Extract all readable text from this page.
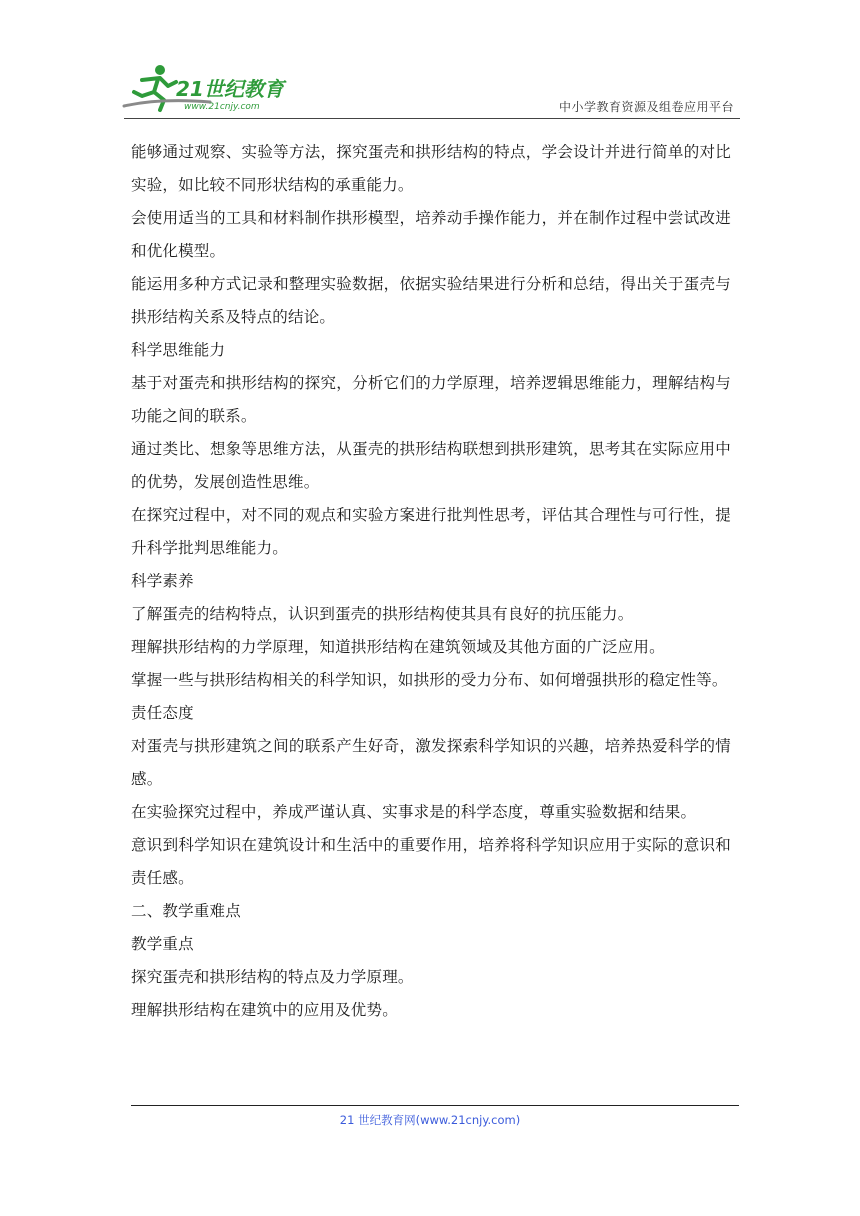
21世纪教育
www.21cnjy.com	中小学教育资源及组卷应用平台

能够通过观察、实验等方法，探究蛋壳和拱形结构的特点，学会设计并进行简单的对比实验，如比较不同形状结构的承重能力。

会使用适当的工具和材料制作拱形模型，培养动手操作能力，并在制作过程中尝试改进和优化模型。

能运用多种方式记录和整理实验数据，依据实验结果进行分析和总结，得出关于蛋壳与拱形结构关系及特点的结论。

科学思维能力

基于对蛋壳和拱形结构的探究，分析它们的力学原理，培养逻辑思维能力，理解结构与功能之间的联系。

通过类比、想象等思维方法，从蛋壳的拱形结构联想到拱形建筑，思考其在实际应用中的优势，发展创造性思维。

在探究过程中，对不同的观点和实验方案进行批判性思考，评估其合理性与可行性，提升科学批判思维能力。

科学素养

了解蛋壳的结构特点，认识到蛋壳的拱形结构使其具有良好的抗压能力。

理解拱形结构的力学原理，知道拱形结构在建筑领域及其他方面的广泛应用。

掌握一些与拱形结构相关的科学知识，如拱形的受力分布、如何增强拱形的稳定性等。

责任态度

对蛋壳与拱形建筑之间的联系产生好奇，激发探索科学知识的兴趣，培养热爱科学的情感。

在实验探究过程中，养成严谨认真、实事求是的科学态度，尊重实验数据和结果。

意识到科学知识在建筑设计和生活中的重要作用，培养将科学知识应用于实际的意识和责任感。

二、教学重难点

教学重点

探究蛋壳和拱形结构的特点及力学原理。

理解拱形结构在建筑中的应用及优势。

21 世纪教育网(www.21cnjy.com)
